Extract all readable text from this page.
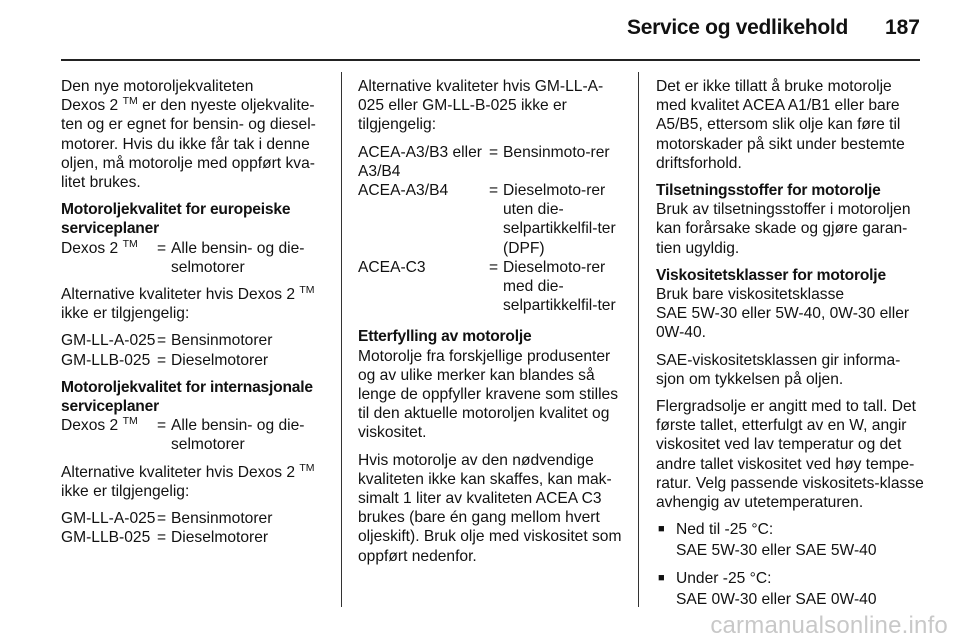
Service og vedlikehold 187

Den nye motoroljekvaliteten
Dexos 2 ™ er den nyeste oljekvalite-ten og er egnet for bensin- og diesel-motorer. Hvis du ikke får tak i denne oljen, må motorolje med oppført kva-litet brukes.

Motoroljekvalitet for europeiske serviceplaner
Dexos 2 ™	= Alle bensin- og die-selmotorer

Alternative kvaliteter hvis Dexos 2 ™ ikke er tilgjengelig:

GM-LL-A-025 = Bensinmotorer
GM-LLB-025 = Dieselmotorer
Motoroljekvalitet for internasjonale serviceplaner
Dexos 2 ™	= Alle bensin- og die-selmotorer

Alternative kvaliteter hvis Dexos 2 ™ ikke er tilgjengelig:

GM-LL-A-025 = Bensinmotorer
GM-LLB-025 = Dieselmotorer

Alternative kvaliteter hvis GM-LL-A-025 eller GM-LL-B-025 ikke er tilgjengelig:

ACEA-A3/B3 eller A3/B4
= Bensinmoto-rer
ACEA-A3/B4	= Dieselmoto-rer uten die-selpartikkelfil-ter (DPF)
ACEA-C3	= Dieselmoto-rer med die-selpartikkelfil-ter
Etterfylling av motorolje

Motorolje fra forskjellige produsenter og av ulike merker kan blandes så lenge de oppfyller kravene som stilles til den aktuelle motoroljen kvalitet og viskositet.

Hvis motorolje av den nødvendige kvaliteten ikke kan skaffes, kan mak-simalt 1 liter av kvaliteten ACEA C3 brukes (bare én gang mellom hvert oljeskift). Bruk olje med viskositet som oppført nedenfor.

Det er ikke tillatt å bruke motorolje med kvalitet ACEA A1/B1 eller bare A5/B5, ettersom slik olje kan føre til motorskader på sikt under bestemte driftsforhold.

Tilsetningsstoffer for motorolje

Bruk av tilsetningsstoffer i motoroljen kan forårsake skade og gjøre garan-tien ugyldig.

Viskositetsklasser for motorolje
Bruk bare viskositetsklasse

SAE 5W-30 eller 5W-40, 0W-30 eller 0W-40.

SAE-viskositetsklassen gir informa-sjon om tykkelsen på oljen.

Flergradsolje er angitt med to tall. Det første tallet, etterfulgt av en W, angir viskositet ved lav temperatur og det andre tallet viskositet ved høy tempe-ratur. Velg passende viskositets-klasse avhengig av utetemperaturen.

■ Ned til -25 °C:
SAE 5W-30 eller SAE 5W-40
■ Under -25 °C:
SAE 0W-30 eller SAE 0W-40
carmanualsonline.info
